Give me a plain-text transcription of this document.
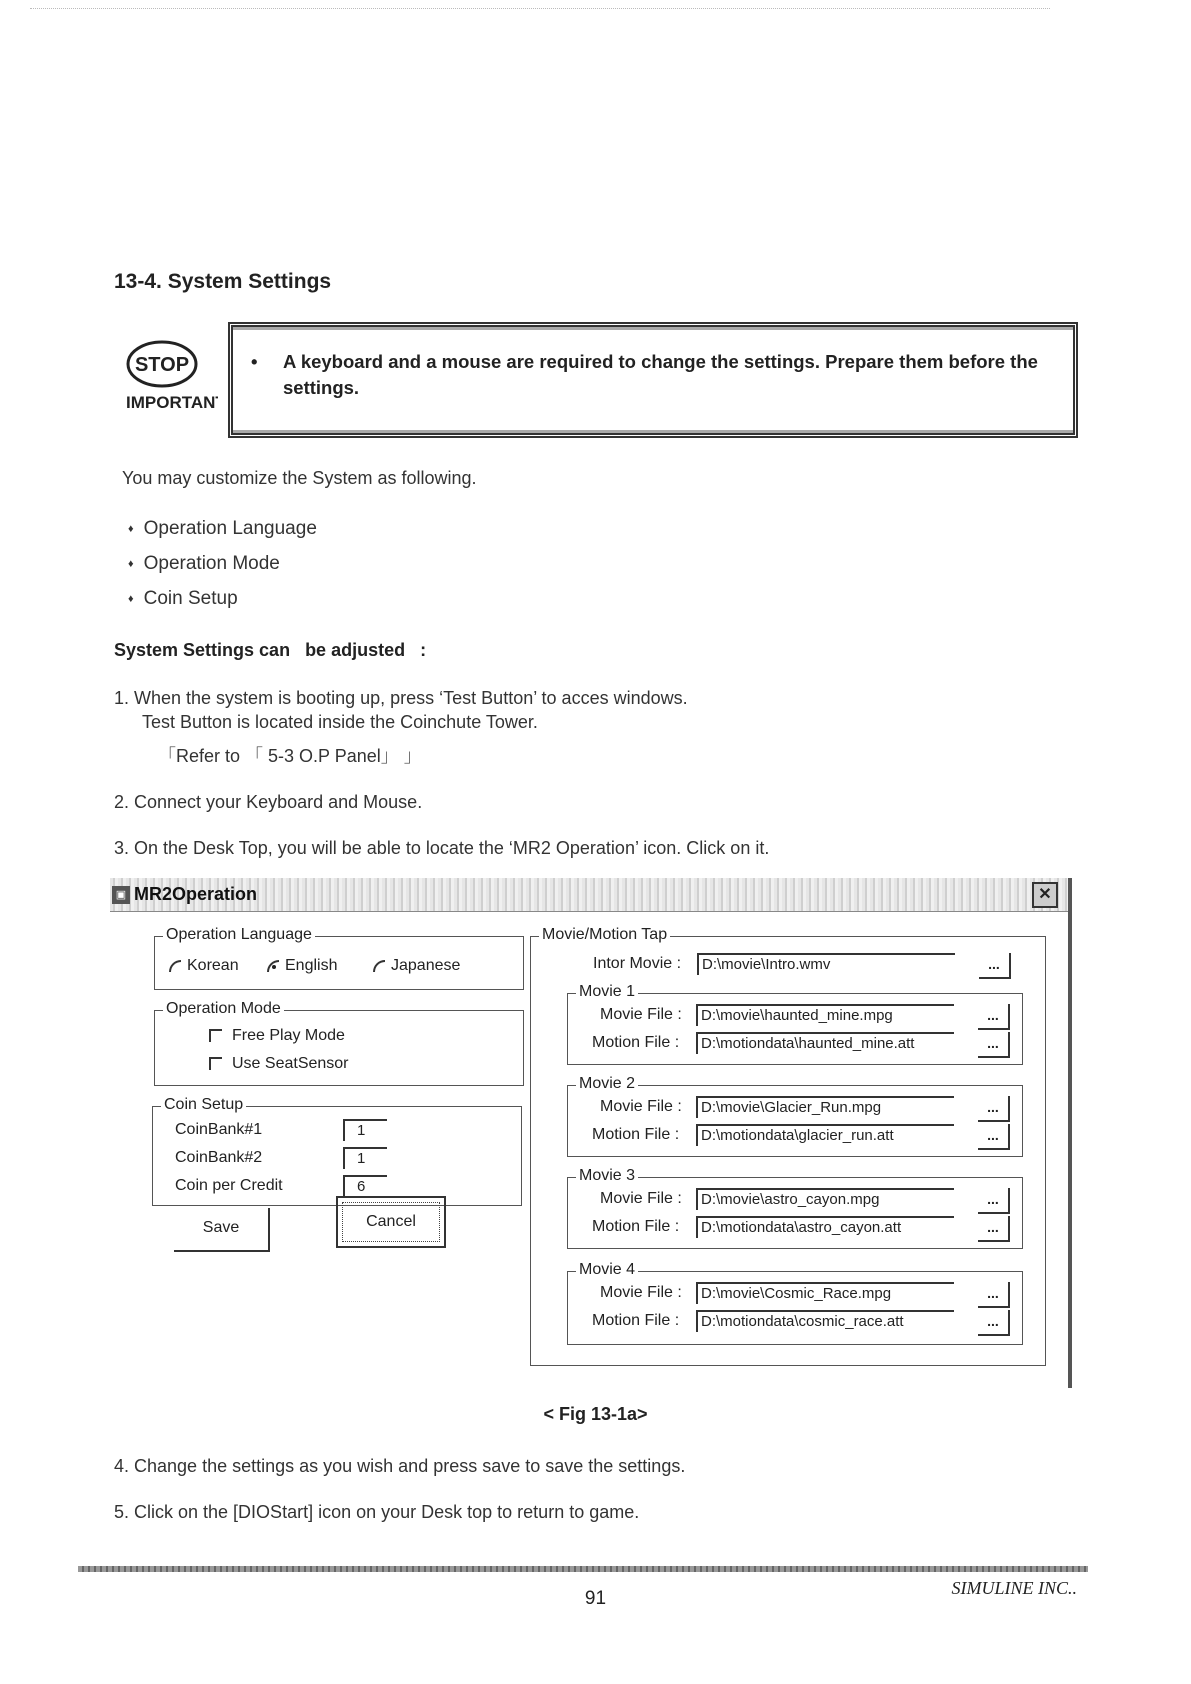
13-4. System Settings
STOP
IMPORTANT
• A keyboard and a mouse are required to change the settings. Prepare them before the settings.
You may customize the System as following.
♦ Operation Language
♦ Operation Mode
♦ Coin Setup
System Settings can   be adjusted   :
1. When the system is booting up, press ‘Test Button’ to acces windows.
Test Button is located inside the Coinchute Tower.
「Refer to 「 5-3 O.P Panel」 」
2. Connect your Keyboard and Mouse.
3. On the Desk Top, you will be able to locate the ‘MR2 Operation’ icon. Click on it.
▣ MR2Operation	✕
Operation Language
Korean	English	Japanese
Operation Mode
Free Play Mode
Use SeatSensor
Coin Setup
CoinBank#1	1
CoinBank#2	1
Coin per Credit	6
Save	Cancel
Movie/Motion Tap
Intor Movie :	D:\movie\Intro.wmv	...
Movie 1
Movie File :	D:\movie\haunted_mine.mpg	...
Motion File :	D:\motiondata\haunted_mine.att	...
Movie 2
Movie File :	D:\movie\Glacier_Run.mpg	...
Motion File :	D:\motiondata\glacier_run.att	...
Movie 3
Movie File :	D:\movie\astro_cayon.mpg	...
Motion File :	D:\motiondata\astro_cayon.att	...
Movie 4
Movie File :	D:\movie\Cosmic_Race.mpg	...
Motion File :	D:\motiondata\cosmic_race.att	...
< Fig 13-1a>
4. Change the settings as you wish and press save to save the settings.
5. Click on the [DIOStart] icon on your Desk top to return to game.
91	SIMULINE INC..
